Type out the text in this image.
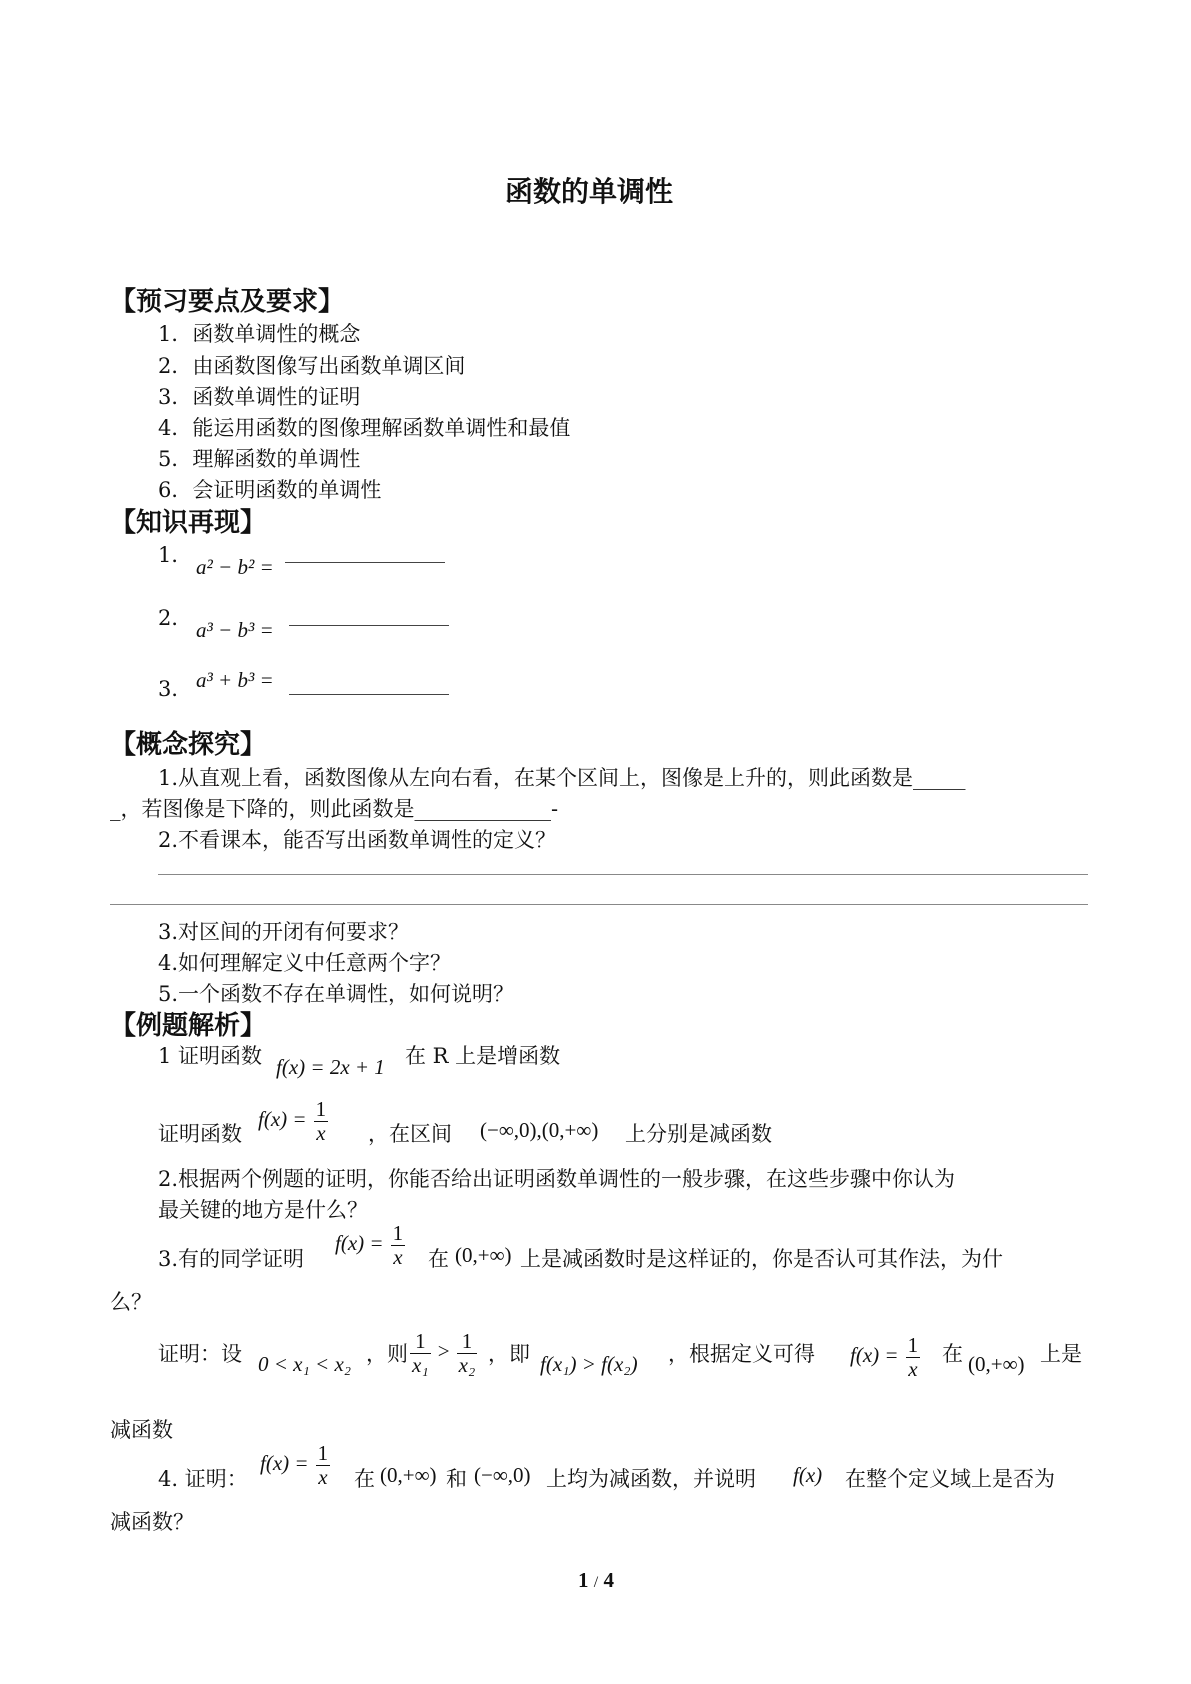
函数的单调性
【预习要点及要求】
1．函数单调性的概念
2．由函数图像写出函数单调区间
3．函数单调性的证明
4．能运用函数的图像理解函数单调性和最值
5．理解函数的单调性
6．会证明函数的单调性
【知识再现】
1． a² − b² =
2． a³ − b³ =
3． a³ + b³ =
【概念探究】
1.从直观上看，函数图像从左向右看，在某个区间上，图像是上升的，则此函数是_____
_，若图像是下降的，则此函数是_____________-
2.不看课本，能否写出函数单调性的定义？
3.对区间的开闭有何要求？
4.如何理解定义中任意两个字？
5.一个函数不存在单调性，如何说明？
【例题解析】
1 证明函数 f(x) = 2x + 1 在 R 上是增函数
证明函数
$f(x) = \frac{1}{x}$ ，在区间 (−∞,0),(0,+∞) 上分别是减函数
2.根据两个例题的证明，你能否给出证明函数单调性的一般步骤，在这些步骤中你认为
最关键的地方是什么？
3.有的同学证明
$f(x) = \frac{1}{x}$ 在 (0,+∞) 上是减函数时是这样证的，你是否认可其作法，为什
么？
证明：设 0 < x₁ < x₂ ，则 $\frac{1}{\text{x₁}} > \frac{1}{\text{x₂}}$ ，即 f(x₁) > f(x₂) ，根据定义可得 $f(x) = \frac{1}{x}$ 在 (0,+∞) 上是
减函数
4. 证明：
$f(x) = \frac{1}{x}$ 在 (0,+∞) 和 (−∞,0) 上均为减函数，并说明 f(x) 在整个定义域上是否为
减函数？
1 / 4
